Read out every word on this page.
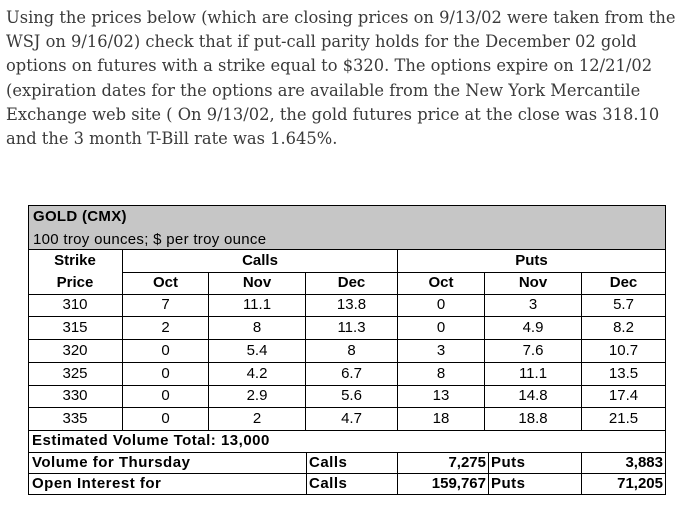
Using the prices below (which are closing prices on 9/13/02 were taken from the
WSJ on 9/16/02) check that if put-call parity holds for the December 02 gold
options on futures with a strike equal to $320. The options expire on 12/21/02
(expiration dates for the options are available from the New York Mercantile
Exchange web site ( On 9/13/02, the gold futures price at the close was 318.10
and the 3 month T-Bill rate was 1.645%.
GOLD (CMX)
100 troy ounces; $ per troy ounce
Strike	Calls	Puts
Price	Oct	Nov	Dec	Oct	Nov	Dec
310	7	11.1	13.8	0	3	5.7
315	2	8	11.3	0	4.9	8.2
320	0	5.4	8	3	7.6	10.7
325	0	4.2	6.7	8	11.1	13.5
330	0	2.9	5.6	13	14.8	17.4
335	0	2	4.7	18	18.8	21.5
Estimated Volume Total: 13,000
Volume for Thursday	Calls	7,275 Puts	3,883
Open Interest for	Calls	159,767 Puts	71,205
